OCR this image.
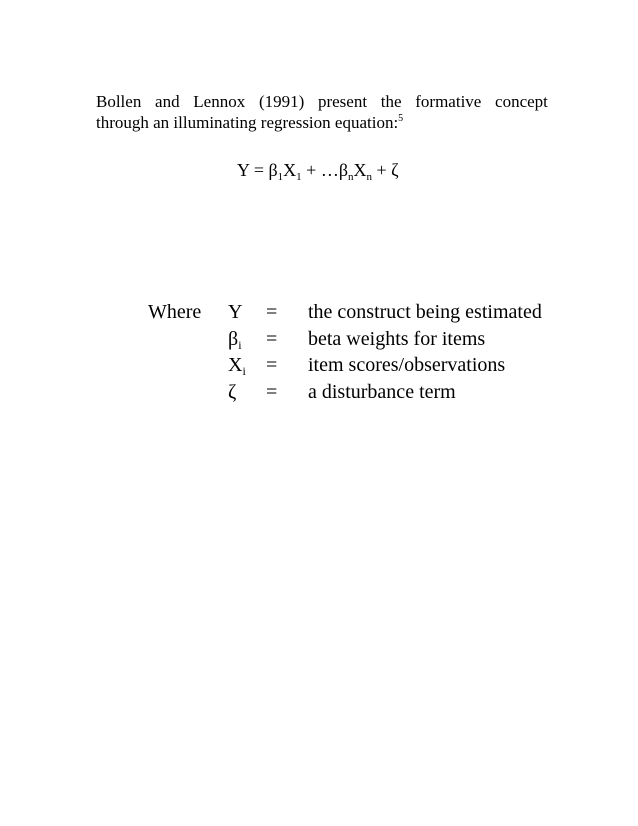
Bollen and Lennox (1991) present the formative concept
through an illuminating regression equation:$^5$
$Y = \beta_1X_1$ + $\dots\beta_nX_n + \zeta$
Where Y = the construct being estimated
$\beta_i$ = beta weights for items
$X_i$ = item scores/observations
ζ = a disturbance term
